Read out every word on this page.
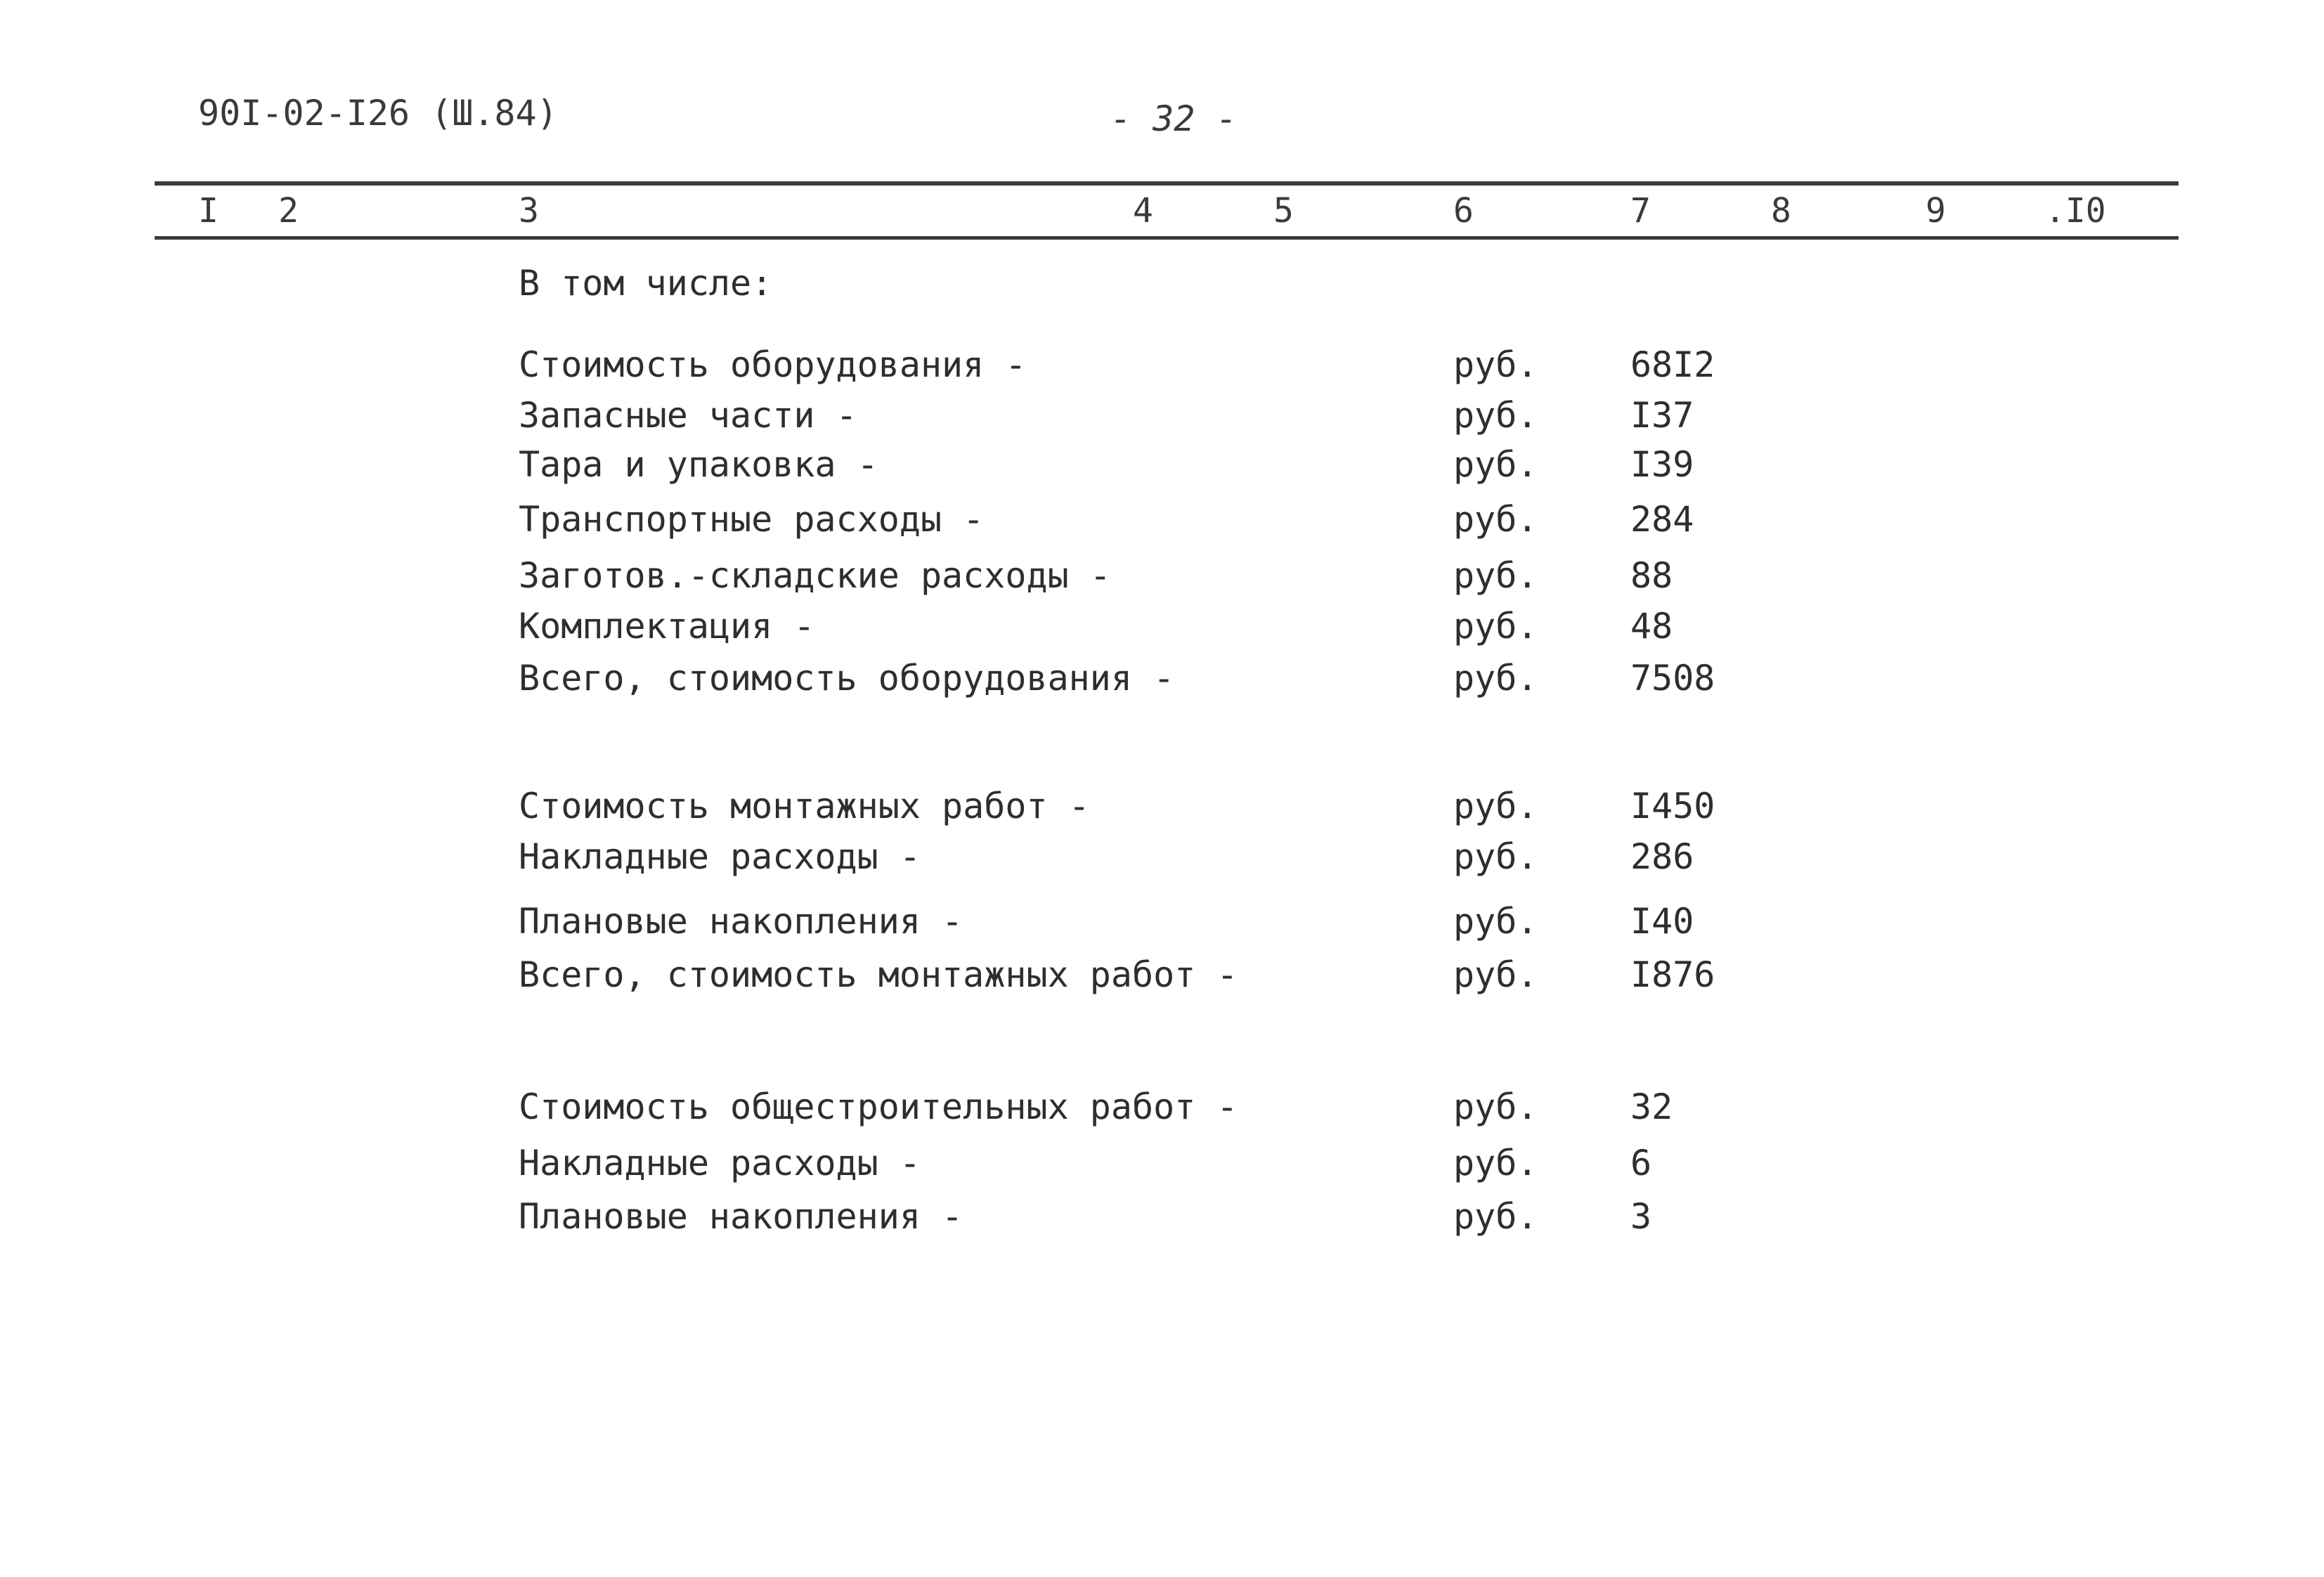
90I-02-I26 (Ш.84)	- 32 -
I 2	3	4	5	6	7	8	9	.I0
В том числе:
Стоимость оборудования -	руб.	68I2
Запасные части -	руб.	I37
Тара и упаковка -	руб.	I39
Транспортные расходы -	руб.	284
Заготов.-складские расходы -	руб.	88
Комплектация -	руб.	48
Всего, стоимость оборудования -	руб.	7508
Стоимость монтажных работ -	руб.	I450
Накладные расходы -	руб.	286
Плановые накопления -	руб.	I40
Всего, стоимость монтажных работ -	руб.	I876
Стоимость общестроительных работ -	руб.	32
Накладные расходы -	руб.	6
Плановые накопления -	руб.	3
